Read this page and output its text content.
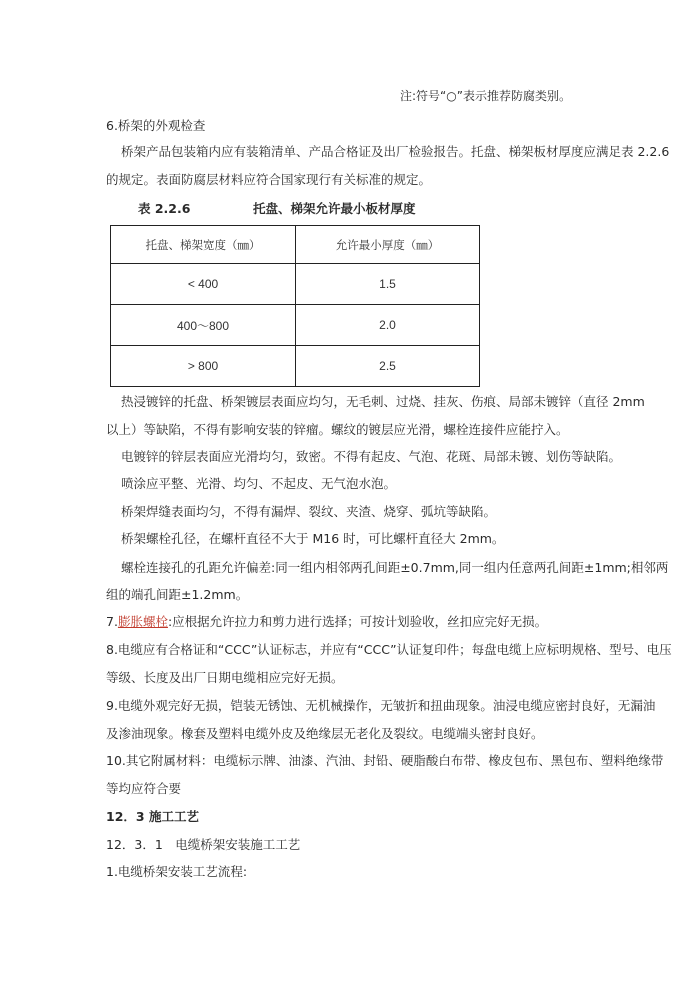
注:符号“○”表示推荐防腐类别。
6.桥架的外观检查
桥架产品包装箱内应有装箱清单、产品合格证及出厂检验报告。托盘、梯架板材厚度应满足表 2.2.6
的规定。表面防腐层材料应符合国家现行有关标准的规定。
表 2.2.6	托盘、梯架允许最小板材厚度
托盘、梯架宽度（㎜）	允许最小厚度（㎜）
< 400	1.5
400～800	2.0
> 800	2.5
热浸镀锌的托盘、桥架镀层表面应均匀，无毛刺、过烧、挂灰、伤痕、局部未镀锌（直径 2mm
以上）等缺陷，不得有影响安装的锌瘤。螺纹的镀层应光滑，螺栓连接件应能拧入。
电镀锌的锌层表面应光滑均匀，致密。不得有起皮、气泡、花斑、局部未镀、划伤等缺陷。
喷涂应平整、光滑、均匀、不起皮、无气泡水泡。
桥架焊缝表面均匀，不得有漏焊、裂纹、夹渣、烧穿、弧坑等缺陷。
桥架螺栓孔径，在螺杆直径不大于 M16 时，可比螺杆直径大 2mm。
螺栓连接孔的孔距允许偏差:同一组内相邻两孔间距±0.7mm,同一组内任意两孔间距±1mm;相邻两
组的端孔间距±1.2mm。
7.膨胀螺栓:应根据允许拉力和剪力进行选择；可按计划验收，丝扣应完好无损。
8.电缆应有合格证和“CCC”认证标志，并应有“CCC”认证复印件；每盘电缆上应标明规格、型号、电压
等级、长度及出厂日期电缆相应完好无损。
9.电缆外观完好无损，铠装无锈蚀、无机械操作，无皱折和扭曲现象。油浸电缆应密封良好，无漏油
及渗油现象。橡套及塑料电缆外皮及绝缘层无老化及裂纹。电缆端头密封良好。
10.其它附属材料：电缆标示牌、油漆、汽油、封铅、硬脂酸白布带、橡皮包布、黑包布、塑料绝缘带
等均应符合要
12．3 施工工艺
12．3．1　电缆桥架安装施工工艺
1.电缆桥架安装工艺流程:
